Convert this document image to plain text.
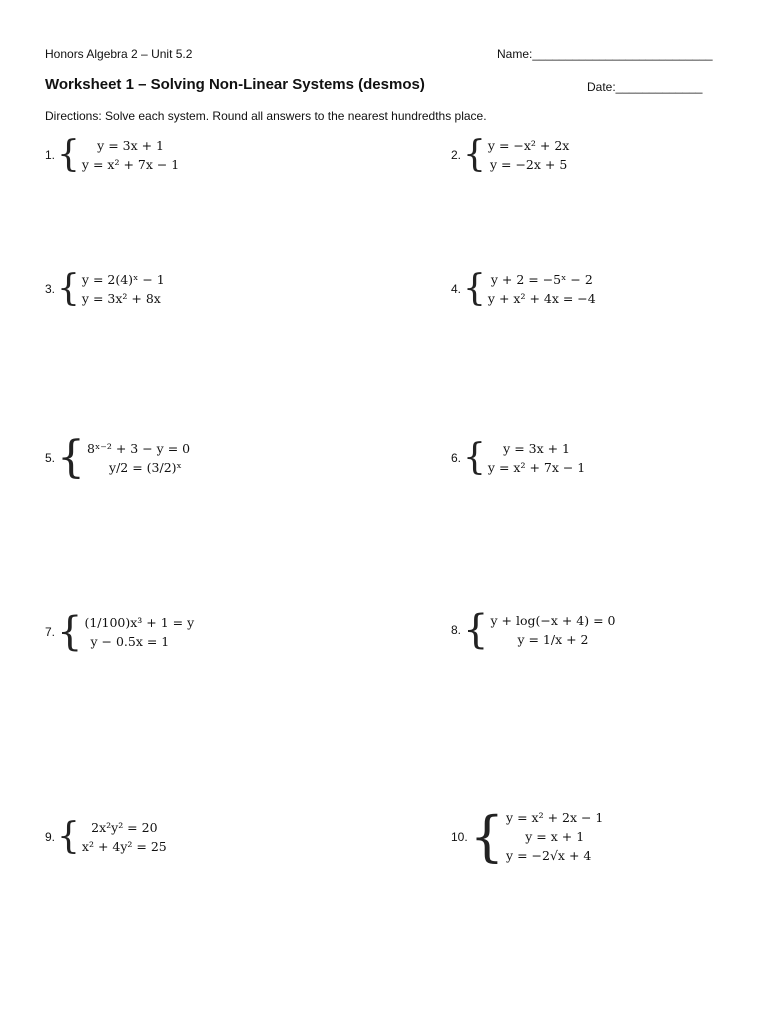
Honors Algebra 2 – Unit 5.2	Name:___________________________
Worksheet 1 – Solving Non-Linear Systems (desmos)	Date:_____________
Directions: Solve each system. Round all answers to the nearest hundredths place.
1. {	y = 3x + 1
y = x² + 7x − 1
2. { y = −x² + 2x
y = −2x + 5
3. { y = 2(4)ˣ − 1
y = 3x² + 8x
4. { y + 2 = −5ˣ − 2
y + x² + 4x = −4
5. { 8ˣ⁻² + 3 − y = 0
y/2 = (3/2)ˣ
6. {	y = 3x + 1
y = x² + 7x − 1
7. { (1/100)x³ + 1 = y
y − 0.5x = 1
8. { y + log(−x + 4) = 0
y = 1/x + 2
9. { 2x²y² = 20
x² + 4y² = 25
10. { y = x² + 2x − 1
y = x + 1
y = −2√x + 4
